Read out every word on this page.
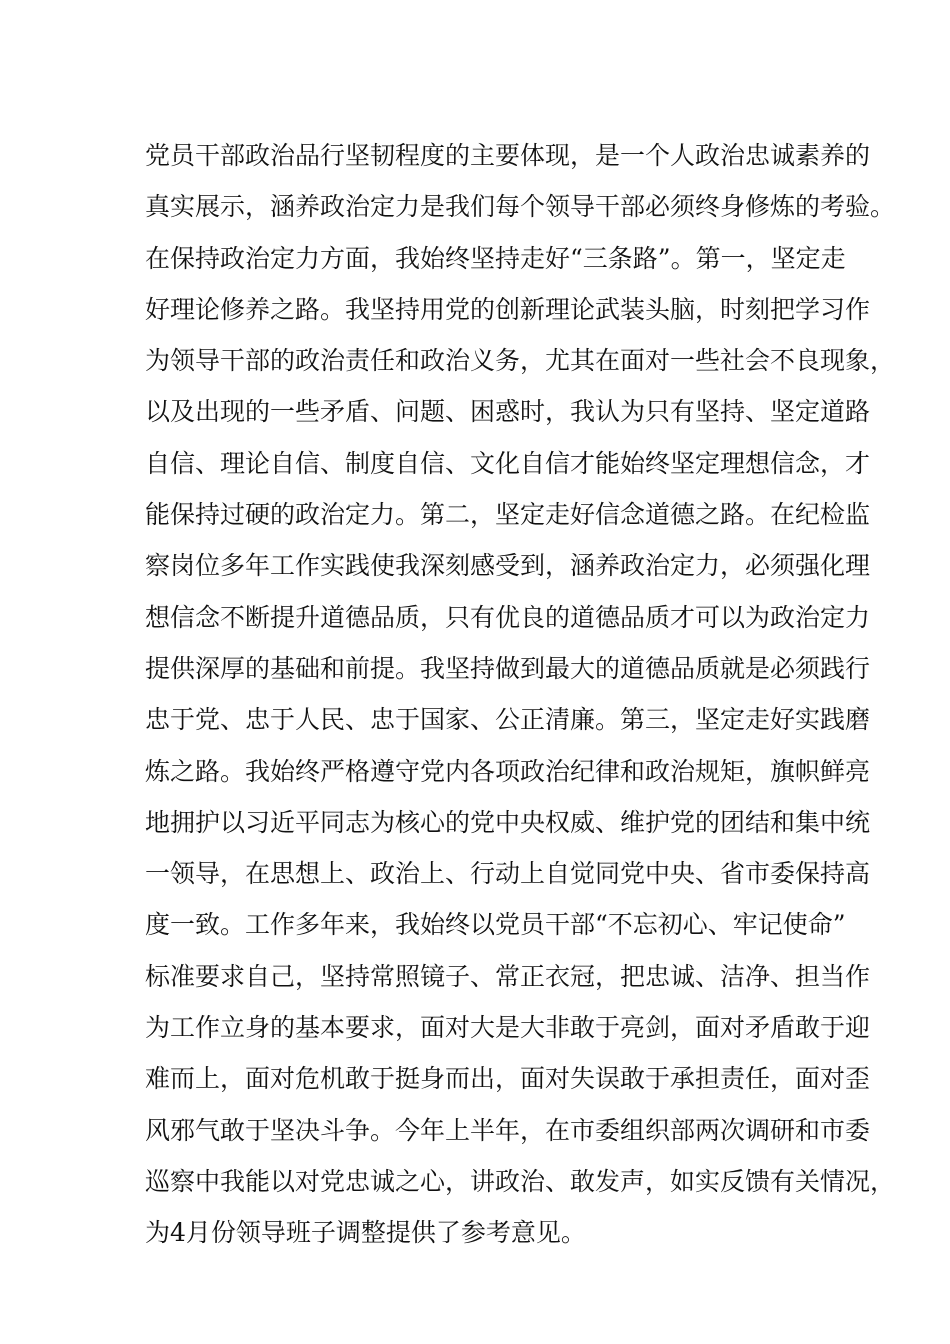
党员干部政治品行坚韧程度的主要体现，是一个人政治忠诚素养的
真实展示，涵养政治定力是我们每个领导干部必须终身修炼的考验。
在保持政治定力方面，我始终坚持走好“三条路”。第一，坚定走
好理论修养之路。我坚持用党的创新理论武装头脑，时刻把学习作
为领导干部的政治责任和政治义务，尤其在面对一些社会不良现象，
以及出现的一些矛盾、问题、困惑时，我认为只有坚持、坚定道路
自信、理论自信、制度自信、文化自信才能始终坚定理想信念，才
能保持过硬的政治定力。第二，坚定走好信念道德之路。在纪检监
察岗位多年工作实践使我深刻感受到，涵养政治定力，必须强化理
想信念不断提升道德品质，只有优良的道德品质才可以为政治定力
提供深厚的基础和前提。我坚持做到最大的道德品质就是必须践行
忠于党、忠于人民、忠于国家、公正清廉。第三，坚定走好实践磨
炼之路。我始终严格遵守党内各项政治纪律和政治规矩，旗帜鲜亮
地拥护以习近平同志为核心的党中央权威、维护党的团结和集中统
一领导，在思想上、政治上、行动上自觉同党中央、省市委保持高
度一致。工作多年来，我始终以党员干部“不忘初心、牢记使命”
标准要求自己，坚持常照镜子、常正衣冠，把忠诚、洁净、担当作
为工作立身的基本要求，面对大是大非敢于亮剑，面对矛盾敢于迎
难而上，面对危机敢于挺身而出，面对失误敢于承担责任，面对歪
风邪气敢于坚决斗争。今年上半年，在市委组织部两次调研和市委
巡察中我能以对党忠诚之心，讲政治、敢发声，如实反馈有关情况，
为4月份领导班子调整提供了参考意见。
